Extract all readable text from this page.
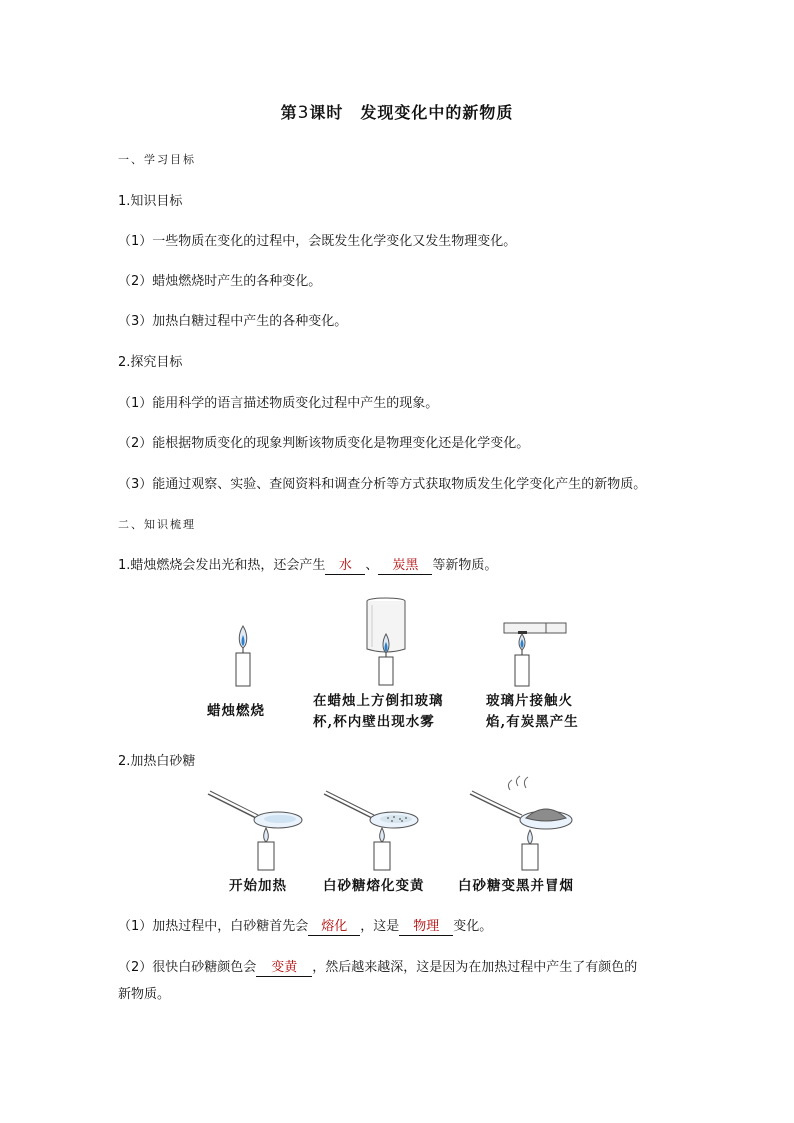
第3课时　发现变化中的新物质
一、学习目标
1.知识目标
（1）一些物质在变化的过程中，会既发生化学变化又发生物理变化。
（2）蜡烛燃烧时产生的各种变化。
（3）加热白糖过程中产生的各种变化。
2.探究目标
（1）能用科学的语言描述物质变化过程中产生的现象。
（2）能根据物质变化的现象判断该物质变化是物理变化还是化学变化。
（3）能通过观察、实验、查阅资料和调查分析等方式获取物质发生化学变化产生的新物质。
二、知识梳理
1.蜡烛燃烧会发出光和热，还会产生 水 、 炭黑 等新物质。
蜡烛燃烧
在蜡烛上方倒扣玻璃
杯,杯内壁出现水雾
玻璃片接触火
焰,有炭黑产生
2.加热白砂糖
开始加热	白砂糖熔化变黄 白砂糖变黑并冒烟
（1）加热过程中，白砂糖首先会 熔化 ，这是 物理 变化。
（2）很快白砂糖颜色会 变黄 ，然后越来越深，这是因为在加热过程中产生了有颜色的
新物质。
